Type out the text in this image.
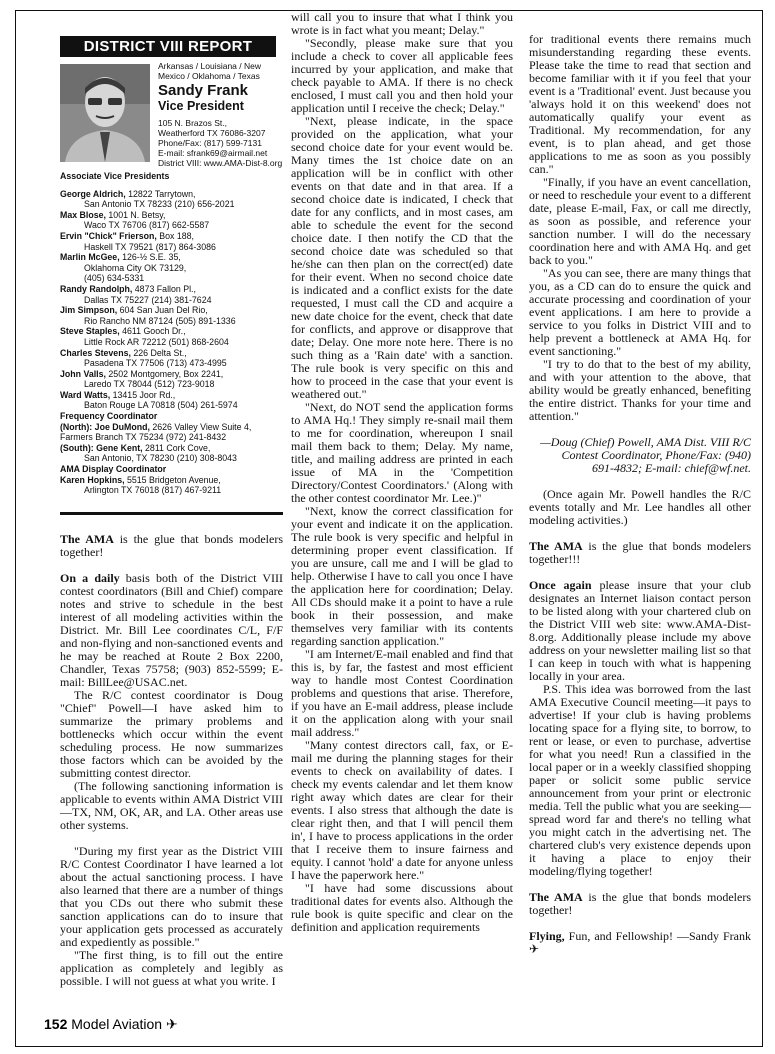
DISTRICT VIII REPORT
Arkansas / Louisiana / New Mexico / Oklahoma / Texas
Sandy Frank
Vice President
105 N. Brazos St.,
Weatherford TX 76086-3207
Phone/Fax: (817) 599-7131
E-mail: sfrank69@airmail.net
District VIII: www.AMA-Dist-8.org
Associate Vice Presidents
George Aldrich, 12822 Tarrytown,
San Antonio TX 78233 (210) 656-2021
Max Blose, 1001 N. Betsy,
Waco TX 76706 (817) 662-5587
Ervin "Chick" Frierson, Box 188,
Haskell TX 79521 (817) 864-3086
Marlin McGee, 126-½ S.E. 35,
Oklahoma City OK 73129,
(405) 634-5331
Randy Randolph, 4873 Fallon Pl.,
Dallas TX 75227 (214) 381-7624
Jim Simpson, 604 San Juan Del Rio,
Rio Rancho NM 87124 (505) 891-1336
Steve Staples, 4611 Gooch Dr.,
Little Rock AR 72212 (501) 868-2604
Charles Stevens, 226 Delta St.,
Pasadena TX 77506 (713) 473-4995
John Valls, 2502 Montgomery, Box 2241,
Laredo TX 78044 (512) 723-9018
Ward Watts, 13415 Joor Rd.,
Baton Rouge LA 70818 (504) 261-5974
Frequency Coordinator
(North): Joe DuMond, 2626 Valley View Suite 4, Farmers Branch TX 75234 (972) 241-8432
(South): Gene Kent, 2811 Cork Cove,
San Antonio, TX 78230 (210) 308-8043
AMA Display Coordinator
Karen Hopkins, 5515 Bridgeton Avenue,
Arlington TX 76018 (817) 467-9211

The AMA is the glue that bonds modelers together!

On a daily basis both of the District VIII contest coordinators (Bill and Chief) compare notes and strive to schedule in the best interest of all modeling activities within the District. Mr. Bill Lee coordinates C/L, F/F and non-flying and non-sanctioned events and he may be reached at Route 2 Box 2200, Chandler, Texas 75758; (903) 852-5599; E-mail: BillLee@USAC.net.

The R/C contest coordinator is Doug "Chief" Powell—I have asked him to summarize the primary problems and bottlenecks which occur within the event scheduling process. He now summarizes those factors which can be avoided by the submitting contest director.

(The following sanctioning information is applicable to events within AMA District VIII—TX, NM, OK, AR, and LA. Other areas use other systems.

"During my first year as the District VIII R/C Contest Coordinator I have learned a lot about the actual sanctioning process. I have also learned that there are a number of things that you CDs out there who submit these sanction applications can do to insure that your application gets processed as accurately and expediently as possible."

"The first thing, is to fill out the entire application as completely and legibly as possible. I will not guess at what you write. I

will call you to insure that what I think you wrote is in fact what you meant; Delay."

"Secondly, please make sure that you include a check to cover all applicable fees incurred by your application, and make that check payable to AMA. If there is no check enclosed, I must call you and then hold your application until I receive the check; Delay."

"Next, please indicate, in the space provided on the application, what your second choice date for your event would be. Many times the 1st choice date on an application will be in conflict with other events on that date and in that area. If a second choice date is indicated, I check that date for any conflicts, and in most cases, am able to schedule the event for the second choice date. I then notify the CD that the second choice date was scheduled so that he/she can then plan on the correct(ed) date for their event. When no second choice date is indicated and a conflict exists for the date requested, I must call the CD and acquire a new date choice for the event, check that date for conflicts, and approve or disapprove that date; Delay. One more note here. There is no such thing as a 'Rain date' with a sanction. The rule book is very specific on this and how to proceed in the case that your event is weathered out."

"Next, do NOT send the application forms to AMA Hq.! They simply re-snail mail them to me for coordination, whereupon I snail mail them back to them; Delay. My name, title, and mailing address are printed in each issue of MA in the 'Competition Directory/Contest Coordinators.' (Along with the other contest coordinator Mr. Lee.)"

"Next, know the correct classification for your event and indicate it on the application. The rule book is very specific and helpful in determining proper event classification. If you are unsure, call me and I will be glad to help. Otherwise I have to call you once I have the application here for coordination; Delay. All CDs should make it a point to have a rule book in their possession, and make themselves very familiar with its contents regarding sanction application."

"I am Internet/E-mail enabled and find that this is, by far, the fastest and most efficient way to handle most Contest Coordination problems and questions that arise. Therefore, if you have an E-mail address, please include it on the application along with your snail mail address."

"Many contest directors call, fax, or E-mail me during the planning stages for their events to check on availability of dates. I check my events calendar and let them know right away which dates are clear for their events. I also stress that although the date is clear right then, and that I will pencil them in', I have to process applications in the order that I receive them to insure fairness and equity. I cannot 'hold' a date for anyone unless I have the paperwork here."

"I have had some discussions about traditional dates for events also. Although the rule book is quite specific and clear on the definition and application requirements

for traditional events there remains much misunderstanding regarding these events. Please take the time to read that section and become familiar with it if you feel that your event is a 'Traditional' event. Just because you 'always hold it on this weekend' does not automatically qualify your event as Traditional. My recommendation, for any event, is to plan ahead, and get those applications to me as soon as you possibly can."

"Finally, if you have an event cancellation, or need to reschedule your event to a different date, please E-mail, Fax, or call me directly, as soon as possible, and reference your sanction number. I will do the necessary coordination here and with AMA Hq. and get back to you."

"As you can see, there are many things that you, as a CD can do to ensure the quick and accurate processing and coordination of your event applications. I am here to provide a service to you folks in District VIII and to help prevent a bottleneck at AMA Hq. for event sanctioning."

"I try to do that to the best of my ability, and with your attention to the above, that ability would be greatly enhanced, benefiting the entire district. Thanks for your time and attention."

—Doug (Chief) Powell, AMA Dist. VIII R/C Contest Coordinator, Phone/Fax: (940) 691-4832; E-mail: chief@wf.net.

(Once again Mr. Powell handles the R/C events totally and Mr. Lee handles all other modeling activities.)

The AMA is the glue that bonds modelers together!!!

Once again please insure that your club designates an Internet liaison contact person to be listed along with your chartered club on the District VIII web site: www.AMA-Dist-8.org. Additionally please include my above address on your newsletter mailing list so that I can keep in touch with what is happening locally in your area.

P.S. This idea was borrowed from the last AMA Executive Council meeting—it pays to advertise! If your club is having problems locating space for a flying site, to borrow, to rent or lease, or even to purchase, advertise for what you need! Run a classified in the local paper or in a weekly classified shopping paper or solicit some public service announcement from your print or electronic media. Tell the public what you are seeking—spread word far and there's no telling what you might catch in the advertising net. The chartered club's very existence depends upon it having a place to enjoy their modeling/flying together!

The AMA is the glue that bonds modelers together!

Flying, Fun, and Fellowship! —Sandy Frank ✈

152 Model Aviation ✈
